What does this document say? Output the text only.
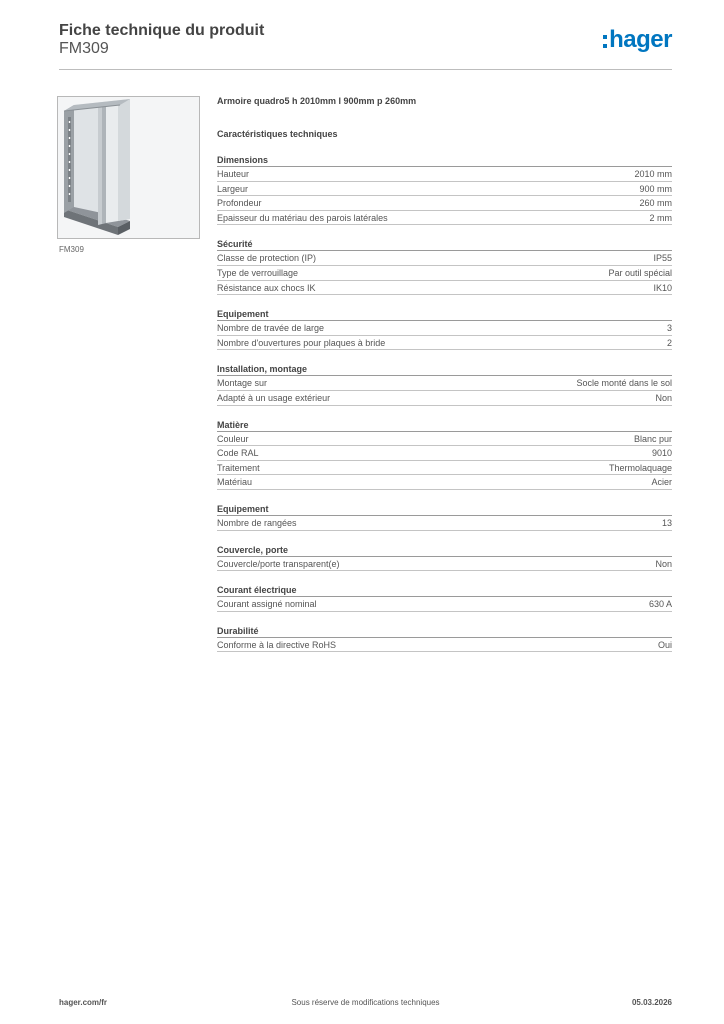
Fiche technique du produit
FM309	hager
FM309
Armoire quadro5 h 2010mm l 900mm p 260mm
Caractéristiques techniques
Dimensions
Hauteur	2010 mm
Largeur	900 mm
Profondeur	260 mm
Epaisseur du matériau des parois latérales	2 mm
Sécurité
Classe de protection (IP)	IP55
Type de verrouillage	Par outil spécial
Résistance aux chocs IK	IK10
Equipement
Nombre de travée de large	3
Nombre d'ouvertures pour plaques à bride	2
Installation, montage
Montage sur	Socle monté dans le sol
Adapté à un usage extérieur	Non
Matière
Couleur	Blanc pur
Code RAL	9010
Traitement	Thermolaquage
Matériau	Acier
Equipement
Nombre de rangées	13
Couvercle, porte
Couvercle/porte transparent(e)	Non
Courant électrique
Courant assigné nominal	630 A
Durabilité
Conforme à la directive RoHS	Oui
Sous réserve de modifications techniques
hager.com/fr	05.03.2026
